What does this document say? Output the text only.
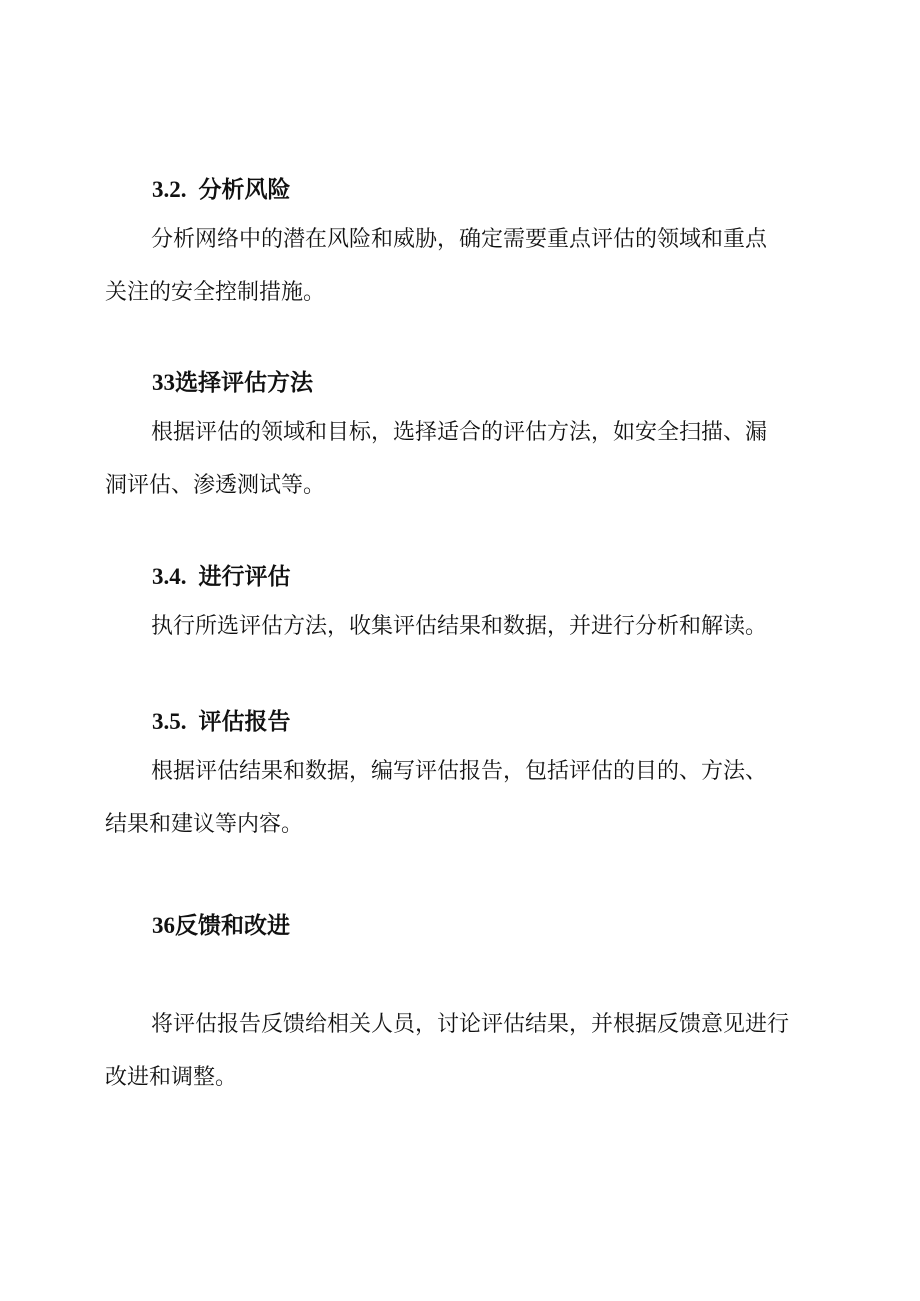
3.2. 分析风险

分析网络中的潜在风险和威胁，确定需要重点评估的领域和重点
关注的安全控制措施。

33选择评估方法

根据评估的领域和目标，选择适合的评估方法，如安全扫描、漏
洞评估、渗透测试等。

3.4. 进行评估

执行所选评估方法，收集评估结果和数据，并进行分析和解读。

3.5. 评估报告

根据评估结果和数据，编写评估报告，包括评估的目的、方法、
结果和建议等内容。

36反馈和改进

将评估报告反馈给相关人员，讨论评估结果，并根据反馈意见进行
改进和调整。
